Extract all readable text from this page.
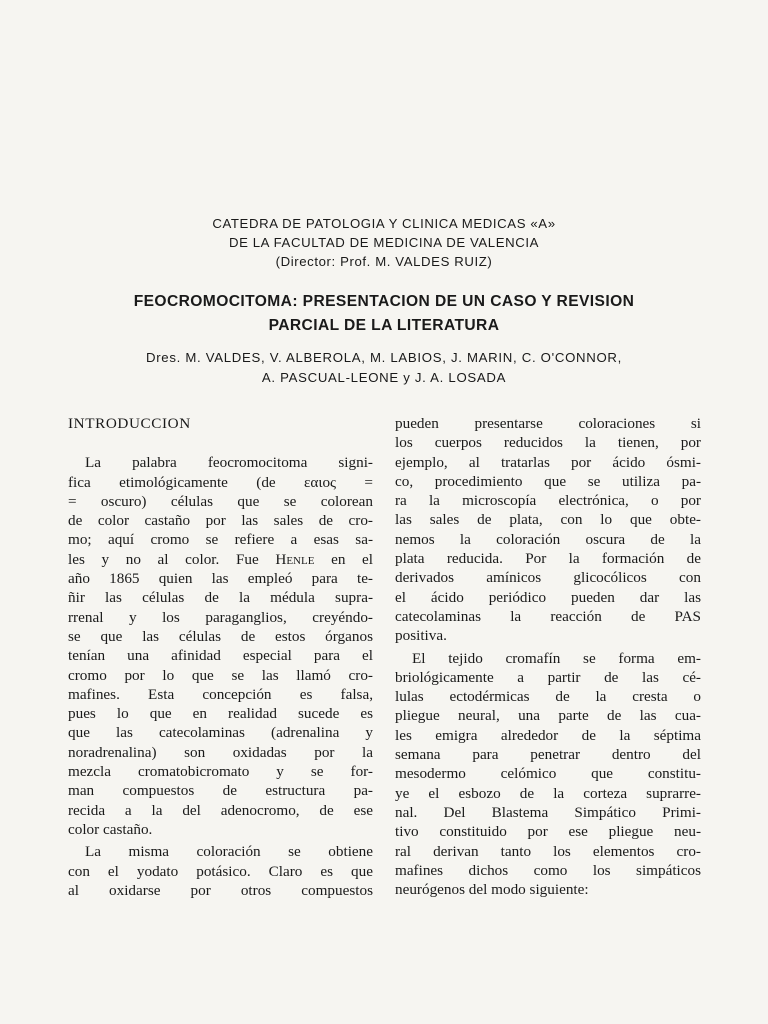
CATEDRA DE PATOLOGIA Y CLINICA MEDICAS «A»
DE LA FACULTAD DE MEDICINA DE VALENCIA
(Director: Prof. M. VALDES RUIZ)
FEOCROMOCITOMA: PRESENTACION DE UN CASO Y REVISION
PARCIAL DE LA LITERATURA
Dres. M. VALDES, V. ALBEROLA, M. LABIOS, J. MARIN, C. O'CONNOR,
A. PASCUAL-LEONE y J. A. LOSADA
INTRODUCCION
La palabra feocromocitoma signi-
fica etimológicamente (de εαιος =
= oscuro) células que se colorean
de color castaño por las sales de cro-
mo; aquí cromo se refiere a esas sa-
les y no al color. Fue Henle en el
año 1865 quien las empleó para te-
ñir las células de la médula supra-
rrenal y los paraganglios, creyéndo-
se que las células de estos órganos
tenían una afinidad especial para el
cromo por lo que se las llamó cro-
mafines. Esta concepción es falsa,
pues lo que en realidad sucede es
que las catecolaminas (adrenalina y
noradrenalina) son oxidadas por la
mezcla cromatobicromato y se for-
man compuestos de estructura pa-
recida a la del adenocromo, de ese
color castaño.
La misma coloración se obtiene
con el yodato potásico. Claro es que
al oxidarse por otros compuestos
pueden presentarse coloraciones si
los cuerpos reducidos la tienen, por
ejemplo, al tratarlas por ácido ósmi-
co, procedimiento que se utiliza pa-
ra la microscopía electrónica, o por
las sales de plata, con lo que obte-
nemos la coloración oscura de la
plata reducida. Por la formación de
derivados amínicos glicocólicos con
el ácido periódico pueden dar las
catecolaminas la reacción de PAS
positiva.
El tejido cromafín se forma em-
briológicamente a partir de las cé-
lulas ectodérmicas de la cresta o
pliegue neural, una parte de las cua-
les emigra alrededor de la séptima
semana para penetrar dentro del
mesodermo celómico que constitu-
ye el esbozo de la corteza suprarre-
nal. Del Blastema Simpático Primi-
tivo constituido por ese pliegue neu-
ral derivan tanto los elementos cro-
mafines dichos como los simpáticos
neurógenos del modo siguiente:
